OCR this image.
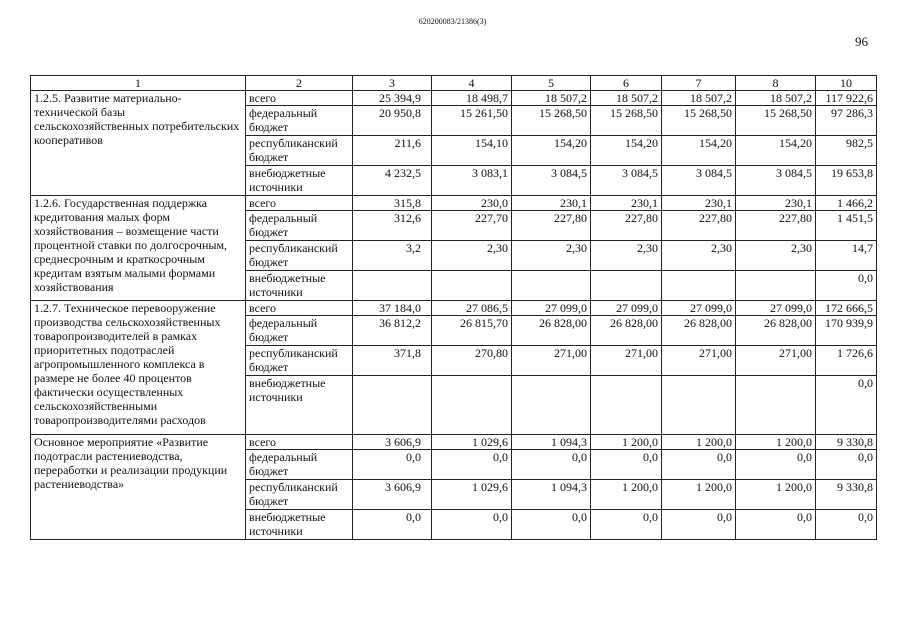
620200083/21386(3)
96
1	2	3	4	5	6	7	8	10
1.2.5. Развитие материально-технической базы сельскохозяйственных потребительских кооперативов	всего	25 394,9	18 498,7	18 507,2	18 507,2	18 507,2	18 507,2	117 922,6
	федеральный бюджет	20 950,8	15 261,50	15 268,50	15 268,50	15 268,50	15 268,50	97 286,3
	республиканский бюджет	211,6	154,10	154,20	154,20	154,20	154,20	982,5
	внебюджетные источники	4 232,5	3 083,1	3 084,5	3 084,5	3 084,5	3 084,5	19 653,8
1.2.6. Государственная поддержка кредитования малых форм хозяйствования – возмещение части процентной ставки по долгосрочным, среднесрочным и краткосрочным кредитам взятым малыми формами хозяйствования	всего	315,8	230,0	230,1	230,1	230,1	230,1	1 466,2
	федеральный бюджет	312,6	227,70	227,80	227,80	227,80	227,80	1 451,5
	республиканский бюджет	3,2	2,30	2,30	2,30	2,30	2,30	14,7
	внебюджетные источники							0,0
1.2.7. Техническое перевооружение производства сельскохозяйственных товаропроизводителей в рамках приоритетных подотраслей агропромышленного комплекса в размере не более 40 процентов фактически осуществленных сельскохозяйственными товаропроизводителями расходов	всего	37 184,0	27 086,5	27 099,0	27 099,0	27 099,0	27 099,0	172 666,5
	федеральный бюджет	36 812,2	26 815,70	26 828,00	26 828,00	26 828,00	26 828,00	170 939,9
	республиканский бюджет	371,8	270,80	271,00	271,00	271,00	271,00	1 726,6
	внебюджетные источники							0,0
Основное мероприятие «Развитие подотрасли растениеводства, переработки и реализации продукции растениеводства»	всего	3 606,9	1 029,6	1 094,3	1 200,0	1 200,0	1 200,0	9 330,8
	федеральный бюджет	0,0	0,0	0,0	0,0	0,0	0,0	0,0
	республиканский бюджет	3 606,9	1 029,6	1 094,3	1 200,0	1 200,0	1 200,0	9 330,8
	внебюджетные источники	0,0	0,0	0,0	0,0	0,0	0,0	0,0
